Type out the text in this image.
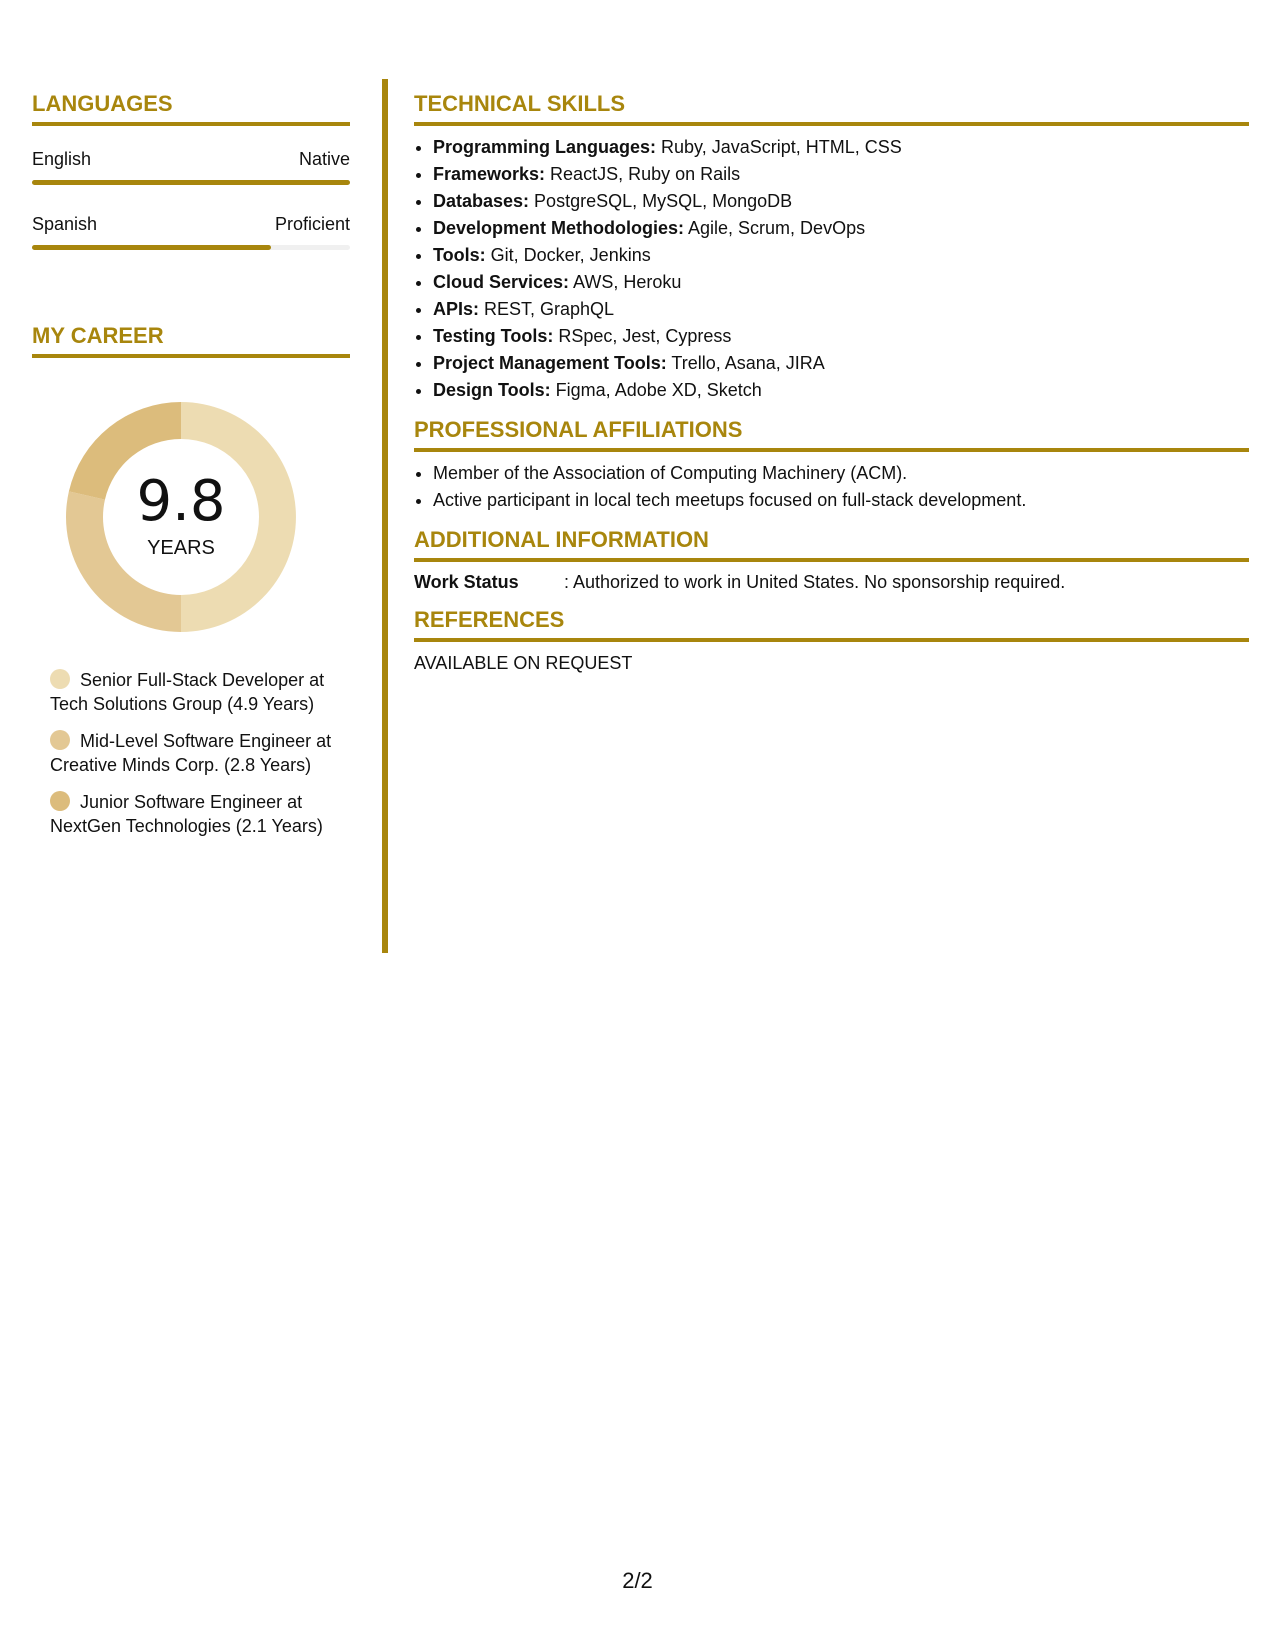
LANGUAGES
English	Native
Spanish	Proficient
MY CAREER
9.8
YEARS
Senior Full-Stack Developer at Tech Solutions Group (4.9 Years)
Mid-Level Software Engineer at Creative Minds Corp. (2.8 Years)
Junior Software Engineer at NextGen Technologies (2.1 Years)
TECHNICAL SKILLS
• Programming Languages: Ruby, JavaScript, HTML, CSS
• Frameworks: ReactJS, Ruby on Rails
• Databases: PostgreSQL, MySQL, MongoDB
• Development Methodologies: Agile, Scrum, DevOps
• Tools: Git, Docker, Jenkins
• Cloud Services: AWS, Heroku
• APIs: REST, GraphQL
• Testing Tools: RSpec, Jest, Cypress
• Project Management Tools: Trello, Asana, JIRA
• Design Tools: Figma, Adobe XD, Sketch
PROFESSIONAL AFFILIATIONS
• Member of the Association of Computing Machinery (ACM).
• Active participant in local tech meetups focused on full-stack development.
ADDITIONAL INFORMATION
Work Status	: Authorized to work in United States. No sponsorship required.
REFERENCES
AVAILABLE ON REQUEST
2/2
